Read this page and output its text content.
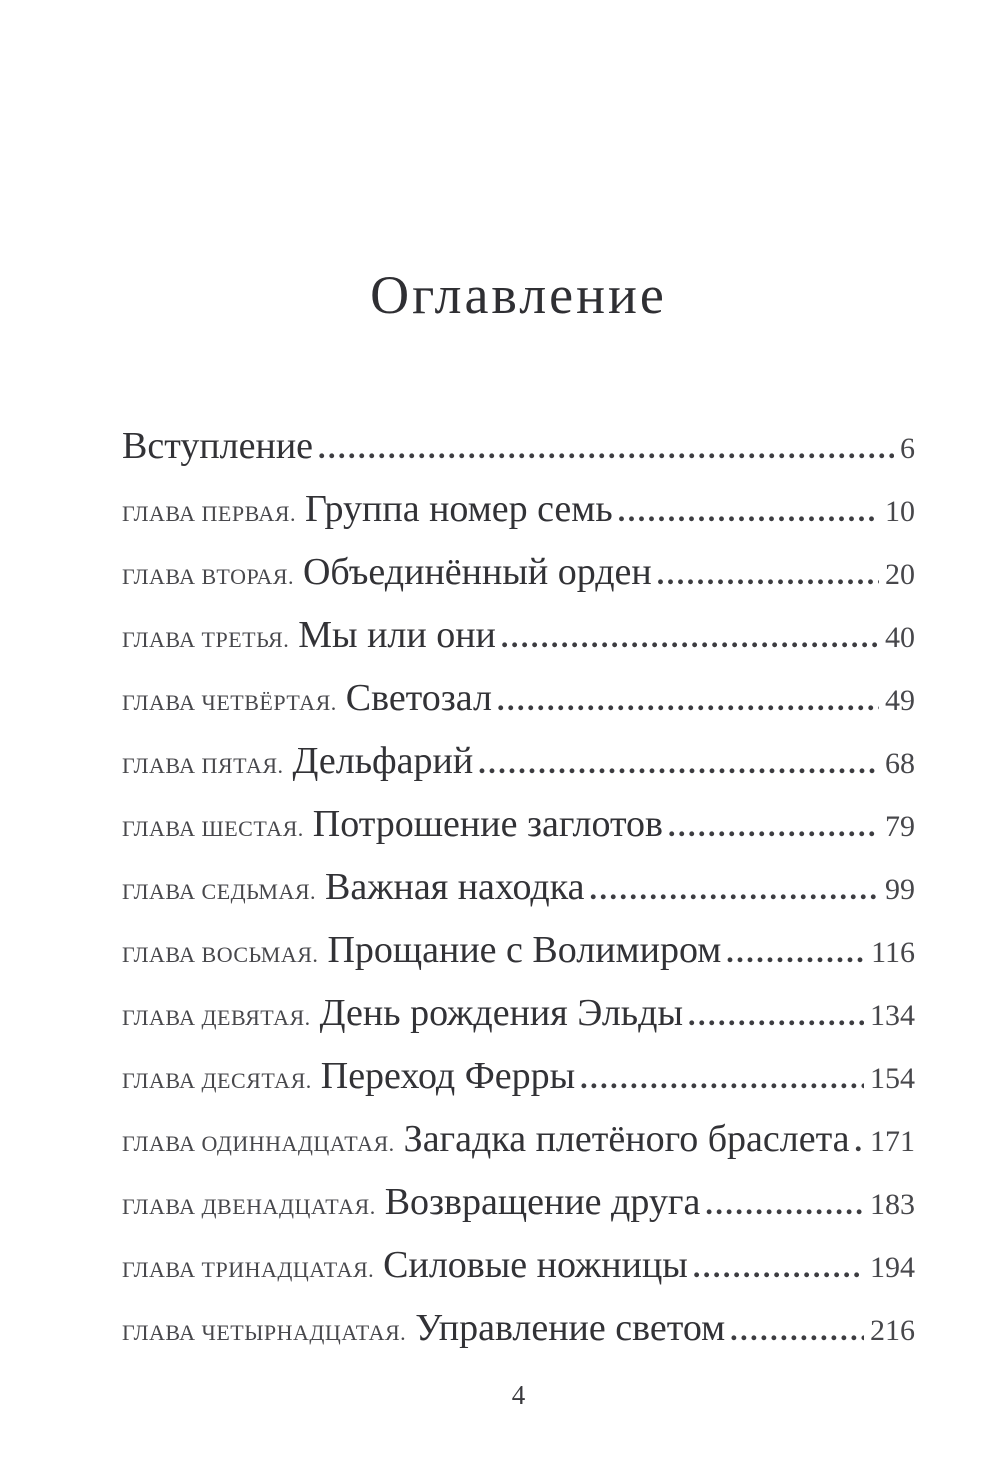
Оглавление
Вступление .....	6
ГЛАВА ПЕРВАЯ. Группа номер семь .....	10
ГЛАВА ВТОРАЯ. Объединённый орден .....	20
ГЛАВА ТРЕТЬЯ. Мы или они .....	40
ГЛАВА ЧЕТВЁРТАЯ. Светозал .....	49
ГЛАВА ПЯТАЯ. Дельфарий .....	68
ГЛАВА ШЕСТАЯ. Потрошение заглотов .....	79
ГЛАВА СЕДЬМАЯ. Важная находка .....	99
ГЛАВА ВОСЬМАЯ. Прощание с Волимиром .....	116
ГЛАВА ДЕВЯТАЯ. День рождения Эльды .....	134
ГЛАВА ДЕСЯТАЯ. Переход Ферры .....	154
ГЛАВА ОДИННАДЦАТАЯ. Загадка плетёного браслета ..... 171
ГЛАВА ДВЕНАДЦАТАЯ. Возвращение друга .....	183
ГЛАВА ТРИНАДЦАТАЯ. Силовые ножницы .....	194
ГЛАВА ЧЕТЫРНАДЦАТАЯ. Управление светом .....	216
4
